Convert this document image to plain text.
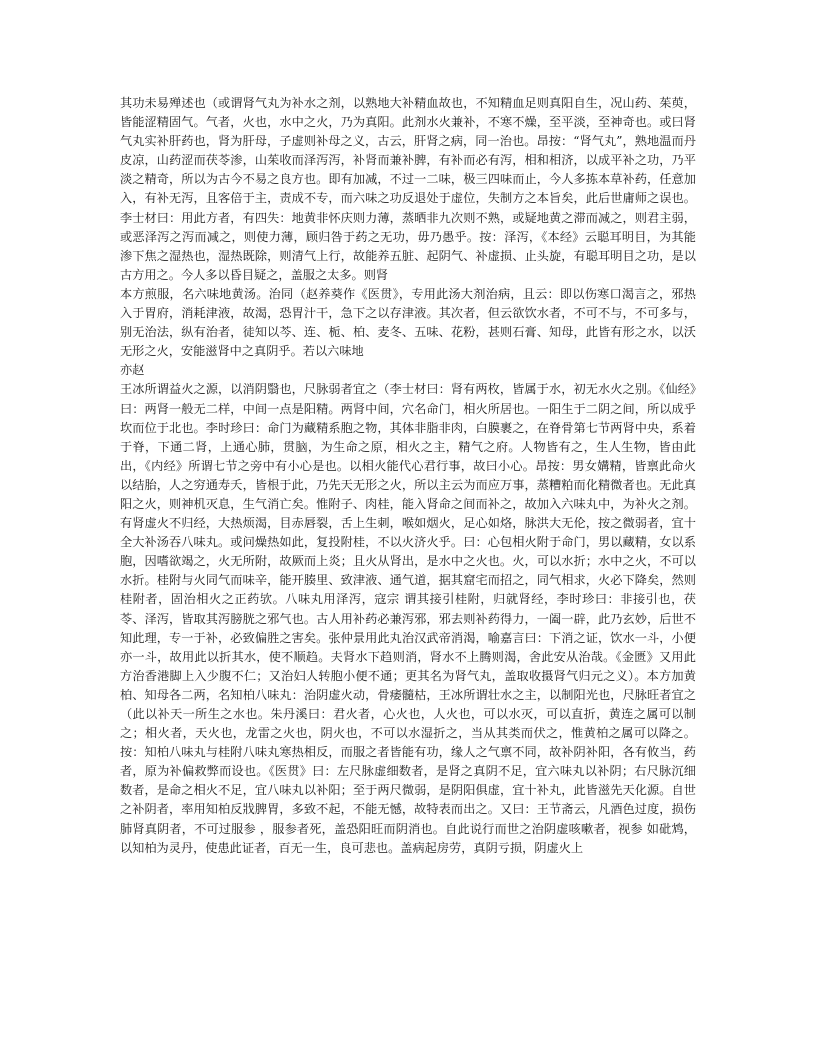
其功未易殚述也（或谓肾气丸为补水之剂，以熟地大补精血故也，不知精血足则真阳自生，况山药、茱萸，皆能涩精固气。气者，火也，水中之火，乃为真阳。此剂水火兼补，不寒不燥，至平淡，至神奇也。或曰肾气丸实补肝药也，肾为肝母，子虚则补母之义，古云，肝肾之病，同一治也。昂按：“肾气丸”，熟地温而丹皮凉，山药涩而茯苓渗，山茱收而泽泻泻，补肾而兼补脾，有补而必有泻，相和相济，以成平补之功，乃平淡之精奇，所以为古今不易之良方也。即有加减，不过一二味，极三四味而止，今人多拣本草补药，任意加入，有补无泻，且客倍于主，责成不专，而六味之功反退处于虚位，失制方之本旨矣，此后世庸师之误也。李士材曰：用此方者，有四失：地黄非怀庆则力薄，蒸晒非九次则不熟，或疑地黄之滞而减之，则君主弱，或恶泽泻之泻而减之，则使力薄，顾归咎于药之无功，毋乃愚乎。按：泽泻，《本经》云聪耳明目，为其能渗下焦之湿热也，湿热既除，则清气上行，故能养五脏、起阴气、补虚损、止头旋，有聪耳明目之功，是以古方用之。今人多以昏目疑之，盖服之太多。则肾

本方煎服，名六味地黄汤。治同（赵养葵作《医贯》，专用此汤大剂治病，且云：即以伤寒口渴言之，邪热入于胃府，消耗津液，故渴，恐胃汁干，急下之以存津液。其次者，但云欲饮水者，不可不与，不可多与，别无治法，纵有治者，徒知以芩、连、栀、柏、麦冬、五味、花粉，甚则石膏、知母，此皆有形之水，以沃无形之火，安能滋肾中之真阴乎。若以六味地

亦赵

王冰所谓益火之源，以消阴翳也，尺脉弱者宜之（李士材曰：肾有两枚，皆属于水，初无水火之别。《仙经》曰：两肾一般无二样，中间一点是阳精。两肾中间，穴名命门，相火所居也。一阳生于二阴之间，所以成乎坎而位于北也。李时珍曰：命门为藏精系胞之物，其体非脂非肉，白膜裹之，在脊骨第七节两肾中央，系着于脊，下通二肾，上通心肺，贯脑，为生命之原，相火之主，精气之府。人物皆有之，生人生物，皆由此出，《内经》所谓七节之旁中有小心是也。以相火能代心君行事，故曰小心。昂按：男女媾精，皆禀此命火以结胎，人之穷通寿夭，皆根于此，乃先天无形之火，所以主云为而应万事，蒸糟粕而化精微者也。无此真阳之火，则神机灭息，生气消亡矣。惟附子、肉桂，能入肾命之间而补之，故加入六味丸中，为补火之剂。有肾虚火不归经，大热烦渴，目赤唇裂，舌上生刺，喉如烟火，足心如烙，脉洪大无伦，按之微弱者，宜十全大补汤吞八味丸。或问燥热如此，复投附桂，不以火济火乎。曰：心包相火附于命门，男以藏精，女以系胞，因嗜欲竭之，火无所附，故厥而上炎；且火从肾出，是水中之火也。火，可以水折；水中之火，不可以水折。桂附与火同气而味辛，能开腠里、致津液、通气道，据其窟宅而招之，同气相求，火必下降矣，然则桂附者，固治相火之正药欤。八味丸用泽泻，寇宗 谓其接引桂附，归就肾经，李时珍曰：非接引也，茯苓、泽泻，皆取其泻膀胱之邪气也。古人用补药必兼泻邪，邪去则补药得力，一阖一辟，此乃玄妙，后世不知此理，专一于补，必致偏胜之害矣。张仲景用此丸治汉武帝消渴，喻嘉言曰：下消之证，饮水一斗，小便亦一斗，故用此以折其水，使不顺趋。夫肾水下趋则消，肾水不上腾则渴，舍此安从治哉。《金匮》又用此方治香港脚上入少腹不仁；又治妇人转胞小便不通；更其名为肾气丸，盖取收摄肾气归元之义）。本方加黄柏、知母各二两，名知柏八味丸：治阴虚火动，骨痿髓枯，王冰所谓壮水之主，以制阳光也，尺脉旺者宜之（此以补天一所生之水也。朱丹溪曰：君火者，心火也，人火也，可以水灭，可以直折，黄连之属可以制之；相火者，天火也，龙雷之火也，阴火也，不可以水湿折之，当从其类而伏之，惟黄柏之属可以降之。按：知柏八味丸与桂附八味丸寒热相反，而服之者皆能有功，缘人之气禀不同，故补阴补阳，各有攸当，药者，原为补偏救弊而设也。《医贯》曰：左尺脉虚细数者，是肾之真阴不足，宜六味丸以补阴；右尺脉沉细数者，是命之相火不足，宜八味丸以补阳；至于两尺微弱，是阴阳俱虚，宜十补丸，此皆滋先天化源。自世之补阴者，率用知柏反戕脾胃，多致不起，不能无憾，故特表而出之。又曰：王节斋云，凡酒色过度，损伤肺肾真阴者，不可过服参 ，服参者死，盖恐阳旺而阴消也。自此说行而世之治阴虚咳嗽者，视参 如砒鸩，以知柏为灵丹，使患此证者，百无一生，良可悲也。盖病起房劳，真阴亏损，阴虚火上
